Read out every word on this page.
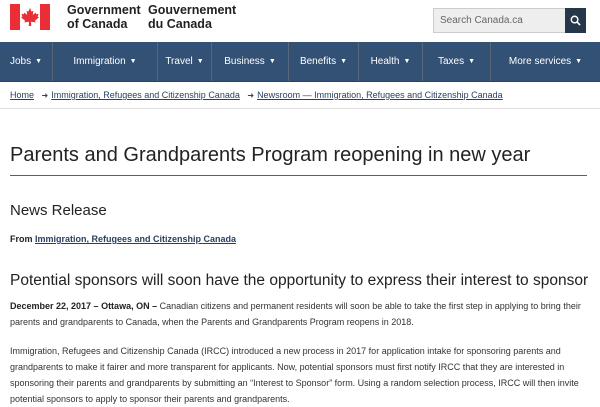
Government
of Canada
Gouvernement
du Canada
Search Canada.ca
Jobs ▼	Immigration ▼	Travel ▼ Business ▼ Benefits ▼ Health ▼	Taxes ▼	More services ▼
Home ➜ Immigration, Refugees and Citizenship Canada ➜ Newsroom — Immigration, Refugees and Citizenship Canada
Parents and Grandparents Program reopening in new year
News Release
From Immigration, Refugees and Citizenship Canada
Potential sponsors will soon have the opportunity to express their interest to sponsor

December 22, 2017 – Ottawa, ON – Canadian citizens and permanent residents will soon be able to take the first step in applying to bring their parents and grandparents to Canada, when the Parents and Grandparents Program reopens in 2018.

Immigration, Refugees and Citizenship Canada (IRCC) introduced a new process in 2017 for application intake for sponsoring parents and grandparents to make it fairer and more transparent for applicants. Now, potential sponsors must first notify IRCC that they are interested in sponsoring their parents and grandparents by submitting an “Interest to Sponsor” form. Using a random selection process, IRCC will then invite potential sponsors to apply to sponsor their parents and grandparents.
